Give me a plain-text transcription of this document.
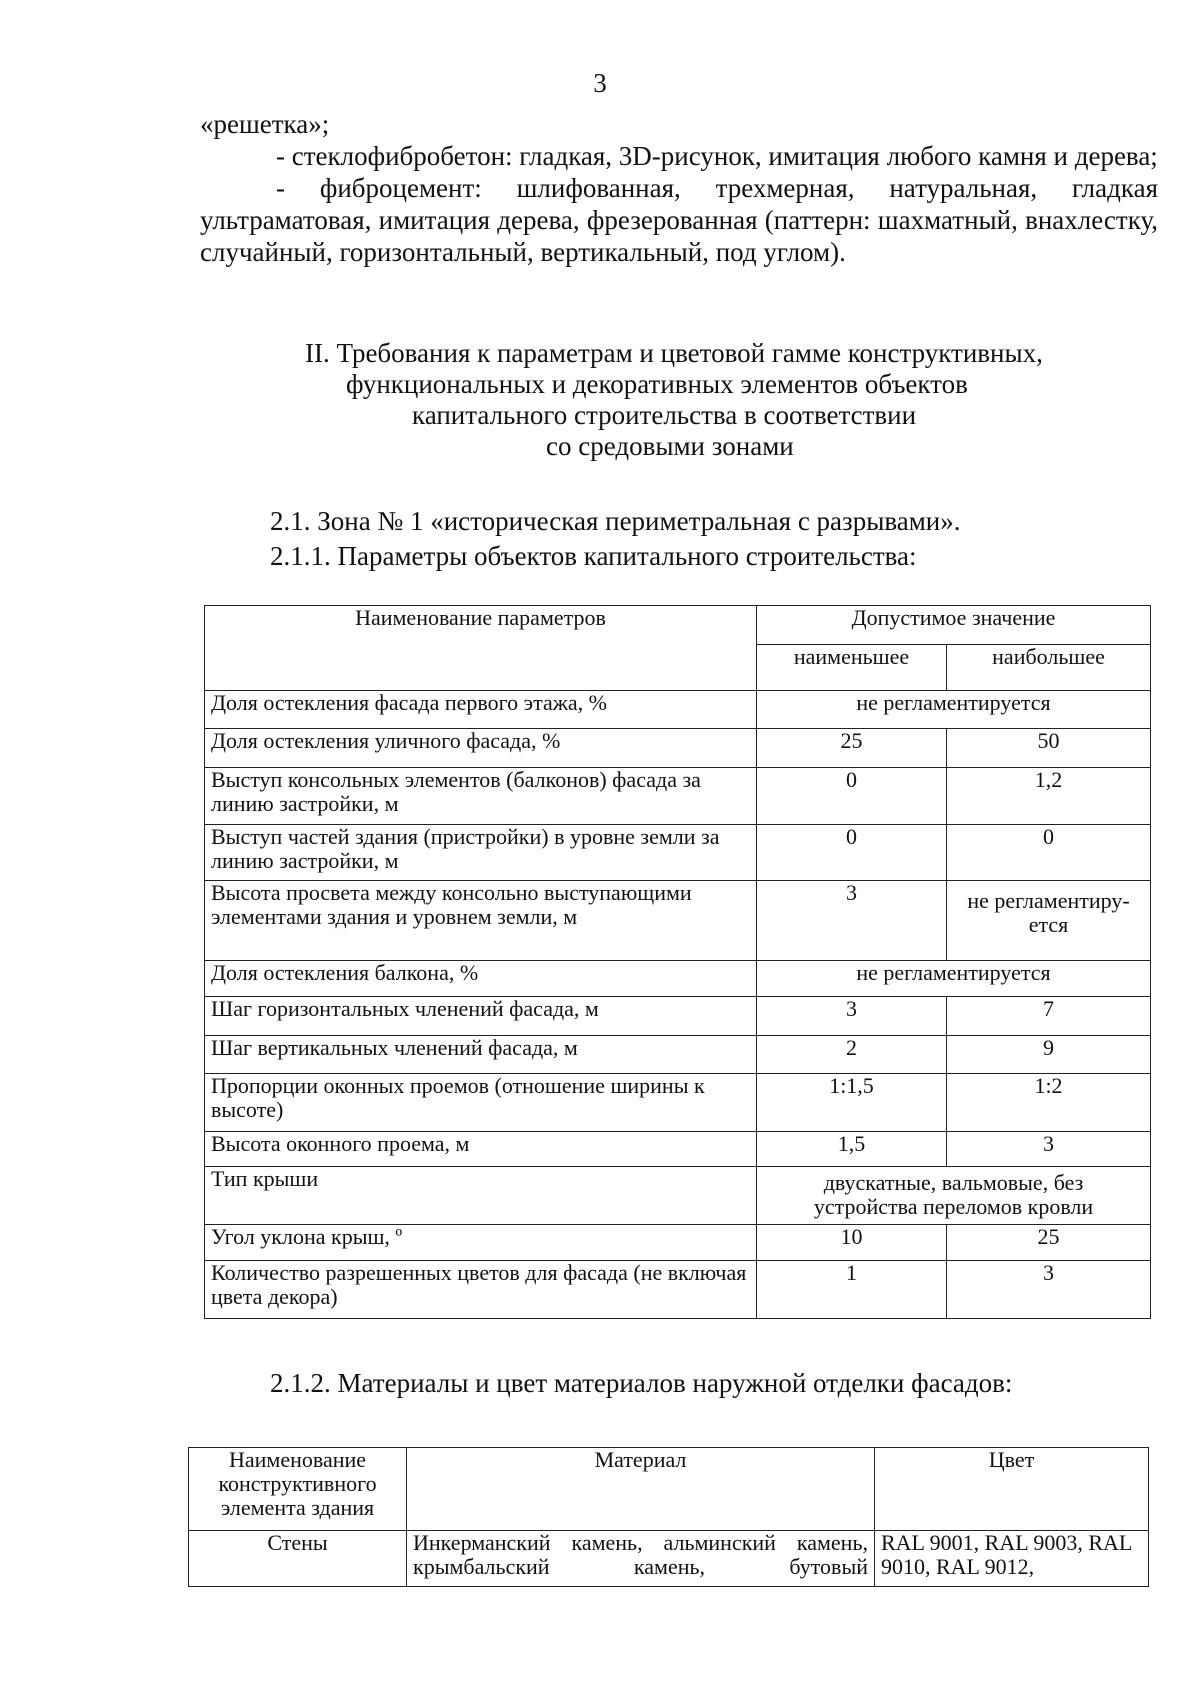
3

«решетка»;

- стеклофибробетон: гладкая, 3D-рисунок, имитация любого камня и дерева;

- фиброцемент: шлифованная, трехмерная, натуральная, гладкая ультраматовая, имитация дерева, фрезерованная (паттерн: шахматный, внахлестку, случайный, горизонтальный, вертикальный, под углом).

II. Требования к параметрам и цветовой гамме конструктивных,
функциональных и декоративных элементов объектов
капитального строительства в соответствии
со средовыми зонами
2.1. Зона № 1 «историческая периметральная с разрывами».
2.1.1. Параметры объектов капитального строительства:
Наименование параметров	Допустимое значение	
	наименьшее	наибольшее
Доля остекления фасада первого этажа, %	не регламентируется	
Доля остекления уличного фасада, %	25	50
Выступ консольных элементов (балконов) фасада за линию застройки, м	0	1,2
Выступ частей здания (пристройки) в уровне земли за линию застройки, м	0	0
Высота просвета между консольно выступающими элементами здания и уровнем земли, м	3	не регламентиру-ется
Доля остекления балкона, %	не регламентируется	
Шаг горизонтальных членений фасада, м	3	7
Шаг вертикальных членений фасада, м	2	9
Пропорции оконных проемов (отношение ширины к высоте)	1:1,5	1:2
Высота оконного проема, м	1,5	3
Тип крыши	двускатные, вальмовые, без устройства переломов кровли	
Угол уклона крыш, º	10	25
Количество разрешенных цветов для фасада (не включая цвета декора)	1	3
2.1.2. Материалы и цвет материалов наружной отделки фасадов:
Наименование конструктивного элемента здания	Материал	Цвет
Стены	Инкерманский камень, альминский камень, крымбальский камень, бутовый	RAL 9001, RAL 9003, RAL 9010, RAL 9012,
